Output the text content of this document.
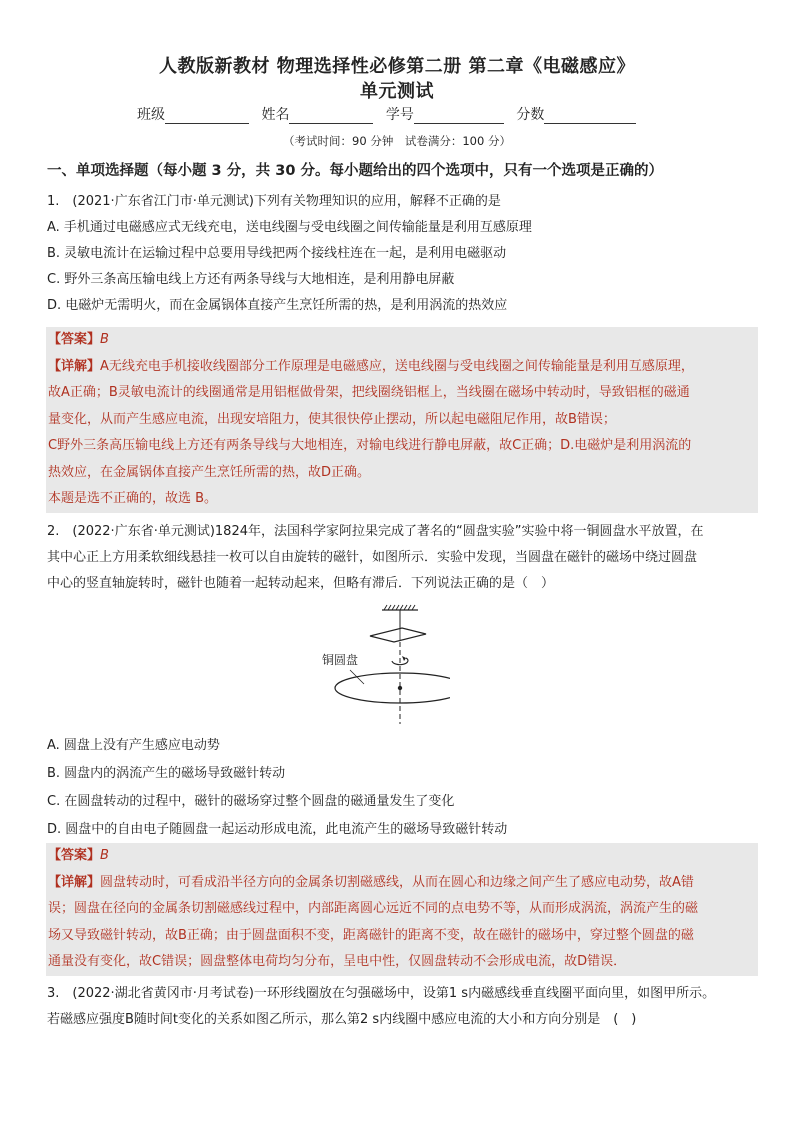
人教版新教材 物理选择性必修第二册 第二章《电磁感应》
单元测试
班级	姓名	学号	分数
（考试时间：90 分钟　试卷满分：100 分）
一、单项选择题（每小题 3 分，共 30 分。每小题给出的四个选项中，只有一个选项是正确的）
1.　(2021·广东省江门市·单元测试)下列有关物理知识的应用，解释不正确的是
A. 手机通过电磁感应式无线充电，送电线圈与受电线圈之间传输能量是利用互感原理
B. 灵敏电流计在运输过程中总要用导线把两个接线柱连在一起，是利用电磁驱动
C. 野外三条高压输电线上方还有两条导线与大地相连，是利用静电屏蔽
D. 电磁炉无需明火，而在金属锅体直接产生烹饪所需的热，是利用涡流的热效应
【答案】B
【详解】A无线充电手机接收线圈部分工作原理是电磁感应，送电线圈与受电线圈之间传输能量是利用互感原理，
故A正确；B灵敏电流计的线圈通常是用铝框做骨架，把线圈绕铝框上，当线圈在磁场中转动时，导致铝框的磁通
量变化，从而产生感应电流，出现安培阻力，使其很快停止摆动，所以起电磁阻尼作用，故B错误；
C野外三条高压输电线上方还有两条导线与大地相连，对输电线进行静电屏蔽，故C正确；D.电磁炉是利用涡流的
热效应，在金属锅体直接产生烹饪所需的热，故D正确。
本题是选不正确的，故选 B。
2.　(2022·广东省·单元测试)1824年，法国科学家阿拉果完成了著名的“圆盘实验”实验中将一铜圆盘水平放置，在
其中心正上方用柔软细线悬挂一枚可以自由旋转的磁针，如图所示．实验中发现，当圆盘在磁针的磁场中绕过圆盘
中心的竖直轴旋转时，磁针也随着一起转动起来，但略有滞后．下列说法正确的是（　）
铜圆盘
A. 圆盘上没有产生感应电动势
B. 圆盘内的涡流产生的磁场导致磁针转动
C. 在圆盘转动的过程中，磁针的磁场穿过整个圆盘的磁通量发生了变化
D. 圆盘中的自由电子随圆盘一起运动形成电流，此电流产生的磁场导致磁针转动
【答案】B
【详解】圆盘转动时，可看成沿半径方向的金属条切割磁感线，从而在圆心和边缘之间产生了感应电动势，故A错
误；圆盘在径向的金属条切割磁感线过程中，内部距离圆心远近不同的点电势不等，从而形成涡流，涡流产生的磁
场又导致磁针转动，故B正确；由于圆盘面积不变，距离磁针的距离不变，故在磁针的磁场中，穿过整个圆盘的磁
通量没有变化，故C错误；圆盘整体电荷均匀分布，呈电中性，仅圆盘转动不会形成电流，故D错误．
3.　(2022·湖北省黄冈市·月考试卷)一环形线圈放在匀强磁场中，设第1 s内磁感线垂直线圈平面向里，如图甲所示。
若磁感应强度B随时间t变化的关系如图乙所示，那么第2 s内线圈中感应电流的大小和方向分别是　(　)
